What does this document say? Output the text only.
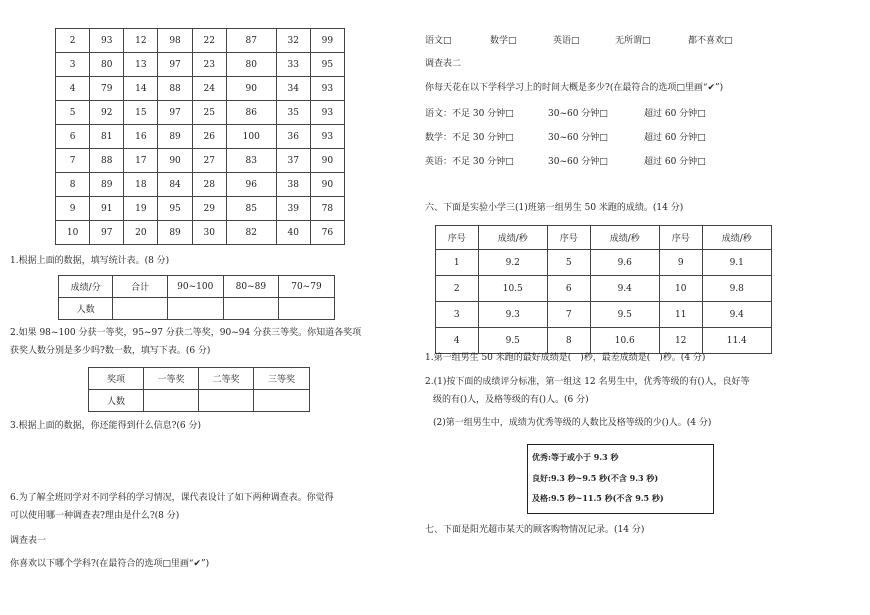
2	93	12	98	22	87	32	99
3	80	13	97	23	80	33	95
4	79	14	88	24	90	34	93
5	92	15	97	25	86	35	93
6	81	16	89	26	100	36	93
7	88	17	90	27	83	37	90
8	89	18	84	28	96	38	90
9	91	19	95	29	85	39	78
10	97	20	89	30	82	40	76
1.根据上面的数据，填写统计表。(8 分)
成绩/分	合计	90~100	80~89	70~79
人数				
2.如果 98~100 分获一等奖，95~97 分获二等奖，90~94 分获三等奖。你知道各奖项
获奖人数分别是多少吗?数一数，填写下表。(6 分)
奖项	一等奖	二等奖	三等奖
人数			
3.根据上面的数据，你还能得到什么信息?(6 分)
6.为了解全班同学对不同学科的学习情况，课代表设计了如下两种调查表。你觉得
可以使用哪一种调查表?理由是什么?(8 分)
调查表一
你喜欢以下哪个学科?(在最符合的选项□里画“✔”)
语文□	数学□	英语□	无所谓□	都不喜欢□
调查表二
你每天花在以下学科学习上的时间大概是多少?(在最符合的选项□里画“✔”)
语文：不足 30 分钟□	30~60 分钟□	超过 60 分钟□
数学：不足 30 分钟□	30~60 分钟□	超过 60 分钟□
英语：不足 30 分钟□	30~60 分钟□	超过 60 分钟□
六、下面是实验小学三(1)班第一组男生 50 米跑的成绩。(14 分)
序号	成绩/秒	序号	成绩/秒	序号	成绩/秒
1	9.2	5	9.6	9	9.1
2	10.5	6	9.4	10	9.8
3	9.3	7	9.5	11	9.4
4	9.5	8	10.6	12	11.4
1.第一组男生 50 米跑的最好成绩是(　)秒，最差成绩是(　)秒。(4 分)
2.(1)按下面的成绩评分标准，第一组这 12 名男生中，优秀等级的有()人，良好等
级的有()人，及格等级的有()人。(6 分)
(2)第一组男生中，成绩为优秀等级的人数比及格等级的少()人。(4 分)
优秀:等于或小于 9.3 秒
良好:9.3 秒~9.5 秒(不含 9.3 秒)
及格:9.5 秒~11.5 秒(不含 9.5 秒)
七、下面是阳光超市某天的顾客购物情况记录。(14 分)
